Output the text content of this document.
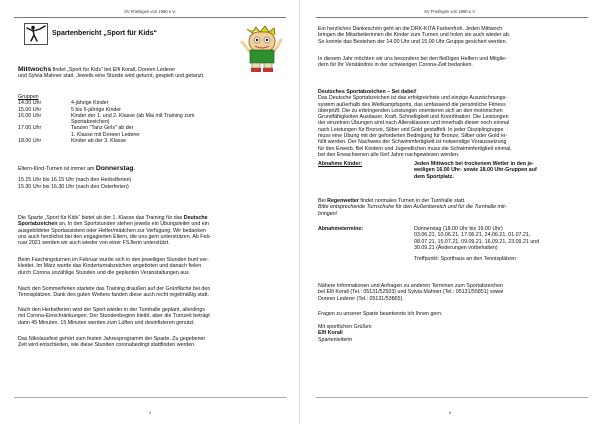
SV Frielingen von 1960 e.V.
Spartenbericht „Sport für Kids“
Mittwochs findet „Sport für Kids“ bei Elfi Korall, Doreen Lederer
und Sylvia Mahner statt. Jeweils eine Stunde wird geturnt, gespielt und getanzt.
Gruppen
14.00 Uhr	4-jährige Kinder
15.00 Uhr	5 bis 6-jährige Kinder
16.00 Uhr	Kinder der 1. und 2. Klasse (ab Mai mit Training zum
Sportabzeichen)
17.00 Uhr	Tanzen "Tanz Girls" ab der
1. Klasse mit Doreen Lederer
18.00 Uhr	Kinder ab der 3. Klasse
Eltern-Kind-Turnen ist immer am Donnerstag.
15.15 Uhr bis 16.15 Uhr (nach den Herbstferien)
15.30 Uhr bis 16.30 Uhr (nach den Osterferien)
Die Sparte „Sport für Kids“ bietet ab der 1. Klasse das Training für das Deutsche
Sportabzeichen an. In den Sportstunden stehen jeweils ein Übungsleiter und ein
ausgebildeter Sportassistent oder Helfer/mädchen zur Verfügung. Wir bedanken
uns auch herzlichst bei den engagierten Eltern, die uns gern unterstützen. Ab Feb-
ruar 2021 werden wir auch wieder von einer FSJlerin unterstützt.
Beim Faschingsturnen im Februar wurde sich in den jeweiligen Stunden bunt ver-
kleidet. Im März wurde das Kinderturnabzeichen angeboten und danach fielen
durch Corona unzählige Stunden und die geplanten Veranstaltungen aus.
Nach den Sommerferien startete das Training draußen auf der Grünfläche bei den
Tennisplätzen. Dank des guten Wetters fanden diese auch recht regelmäßig statt.
Nach den Herbstferien wird der Sport wieder in der Turnhalle geplant, allerdings
mit Corona-Einschränkungen. Der Stundenbeginn bleibt, aber die Turnzeit beträgt
dann 45 Minuten. 15 Minuten werden zum Lüften und desinfizieren genutzt.
Das Nikolausfest gehört zum festen Jahresprogramm der Sparte. Zu gegebener
Zeit wird entschieden, wie diese Stunden coronabedingt stattfinden werden.
4
SV Frielingen von 1960 e.V.
Ein herzliches Dankeschön geht an die DRK-KITA Farbenfroh. Jeden Mittwoch
bringen die Mitarbeiterinnen die Kinder zum Turnen und holen sie auch wieder ab.
So konnte das Bestehen der 14.00 Uhr und 15.00 Uhr Gruppe gesichert werden.
In diesem Jahr möchten wir uns besonders bei den fleißigen Helfern und Mitglie-
dern für Ihr Verständnis in der schwierigen Corona-Zeit bedanken.
Deutsches Sportabzeichen – Sei dabei!
Das Deutsche Sportabzeichen ist das erfolgreichste und einzige Auszeichnungs-
system außerhalb des Wettkampfsports, das umfassend die persönliche Fitness
überprüft. Die zu erbringenden Leistungen orientieren sich an den motorischen
Grundfähigkeiten Ausdauer, Kraft, Schnelligkeit und Koordination. Die Leistungen
der einzelnen Übungen sind nach Altersklassen und innerhalb dieser noch einmal
nach Leistungen für Bronze, Silber und Gold gestaffelt. In jeder Disziplingruppe
muss eine Übung mit der geforderten Bedingung für Bronze, Silber oder Gold er-
füllt werden. Der Nachweis der Schwimmfertigkeit ist notwendige Voraussetzung
für den Erwerb. Bei Kindern und Jugendlichen muss die Schwimmfertigkeit einmal,
bei den Erwachsenen alle fünf Jahre nachgewiesen werden.
Abnahme Kinder:	Jeden Mittwoch bei trockenem Wetter in den je-
weiligen 16.00 Uhr- sowie 18.00 Uhr-Gruppen auf
dem Sportplatz.
Bei Regenwetter findet normales Turnen in der Turnhalle statt.
Bitte entsprechende Turnschuhe für den Außenbereich und für die Turnhalle mit-
bringen!
Abnahmetermine:	Donnerstag (18.00 Uhr bis 19.00 Uhr)
03.06.21, 10.06.21, 17.06.21, 24.06.21, 01.07.21,
08.07.21, 15.07.21, 09.09.21, 16.09.21, 23.09.21 und
30.09.21 (Änderungen vorbehalten)
Treffpunkt: Sporthaus an den Tennisplätzen
Nähere Informationen und Anfragen zu anderen Terminen zum Sportabzeichen
bei Elfi Korall (Tel.: 05131/52503) und Sylvia Mahner (Tel.: 05131/55851) sowie
Doreen Lederer (Tel.: 05131/53865).
Fragen zu unserer Sparte beantworte ich Ihnen gern.
Mit sportlichen Grüßen
Elfi Korall
Spartenleiterin
5
